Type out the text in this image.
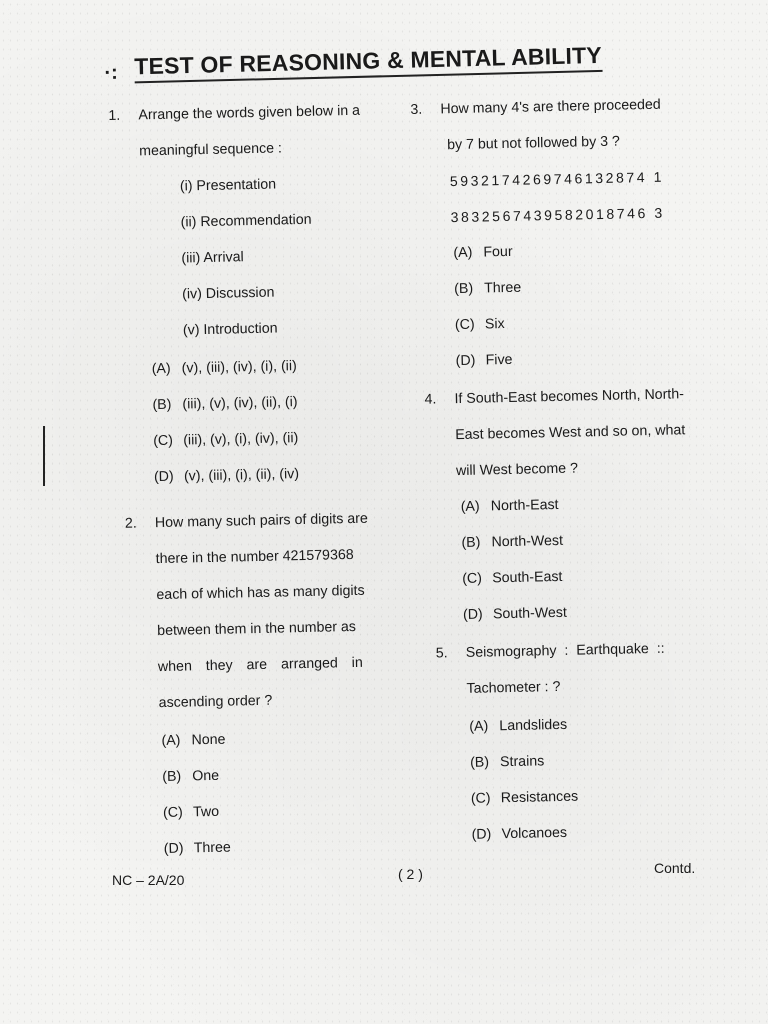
·: TEST OF REASONING & MENTAL ABILITY
1. Arrange the words given below in a
meaningful sequence :
(i) Presentation
(ii) Recommendation
(iii) Arrival
(iv) Discussion
(v) Introduction
(A) (v), (iii), (iv), (i), (ii)
(B) (iii), (v), (iv), (ii), (i)
(C) (iii), (v), (i), (iv), (ii)
(D) (v), (iii), (i), (ii), (iv)
2. How many such pairs of digits are
there in the number 421579368
each of which has as many digits
between them in the number as
when they are arranged in
ascending order ?
(A) None
(B) One
(C) Two
(D) Three
3. How many 4's are there proceeded
by 7 but not followed by 3 ?
5932174269746132874 1
3832567439582018746 3
(A) Four
(B) Three
(C) Six
(D) Five
4. If South-East becomes North, North-
East becomes West and so on, what
will West become ?
(A) North-East
(B) North-West
(C) South-East
(D) South-West
5. Seismography : Earthquake ::
Tachometer : ?
(A) Landslides
(B) Strains
(C) Resistances
(D) Volcanoes
NC – 2A/20	( 2 )	Contd.
